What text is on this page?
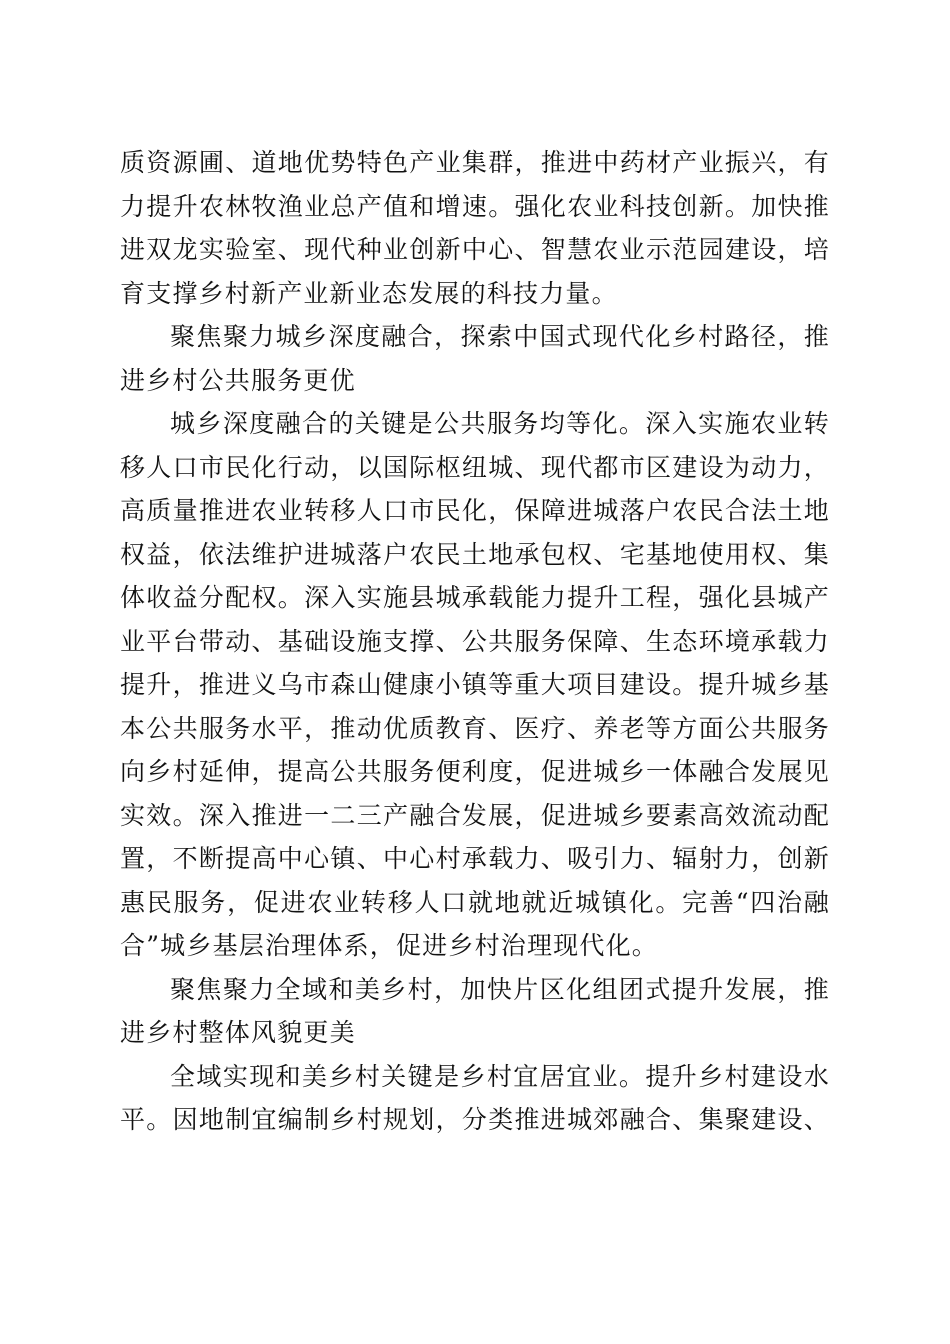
质资源圃、道地优势特色产业集群，推进中药材产业振兴，有
力提升农林牧渔业总产值和增速。强化农业科技创新。加快推
进双龙实验室、现代种业创新中心、智慧农业示范园建设，培
育支撑乡村新产业新业态发展的科技力量。

聚焦聚力城乡深度融合，探索中国式现代化乡村路径，推
进乡村公共服务更优

城乡深度融合的关键是公共服务均等化。深入实施农业转
移人口市民化行动，以国际枢纽城、现代都市区建设为动力，
高质量推进农业转移人口市民化，保障进城落户农民合法土地
权益，依法维护进城落户农民土地承包权、宅基地使用权、集
体收益分配权。深入实施县城承载能力提升工程，强化县城产
业平台带动、基础设施支撑、公共服务保障、生态环境承载力
提升，推进义乌市森山健康小镇等重大项目建设。提升城乡基
本公共服务水平，推动优质教育、医疗、养老等方面公共服务
向乡村延伸，提高公共服务便利度，促进城乡一体融合发展见
实效。深入推进一二三产融合发展，促进城乡要素高效流动配
置，不断提高中心镇、中心村承载力、吸引力、辐射力，创新
惠民服务，促进农业转移人口就地就近城镇化。完善“四治融
合”城乡基层治理体系，促进乡村治理现代化。

聚焦聚力全域和美乡村，加快片区化组团式提升发展，推
进乡村整体风貌更美

全域实现和美乡村关键是乡村宜居宜业。提升乡村建设水
平。因地制宜编制乡村规划，分类推进城郊融合、集聚建设、
